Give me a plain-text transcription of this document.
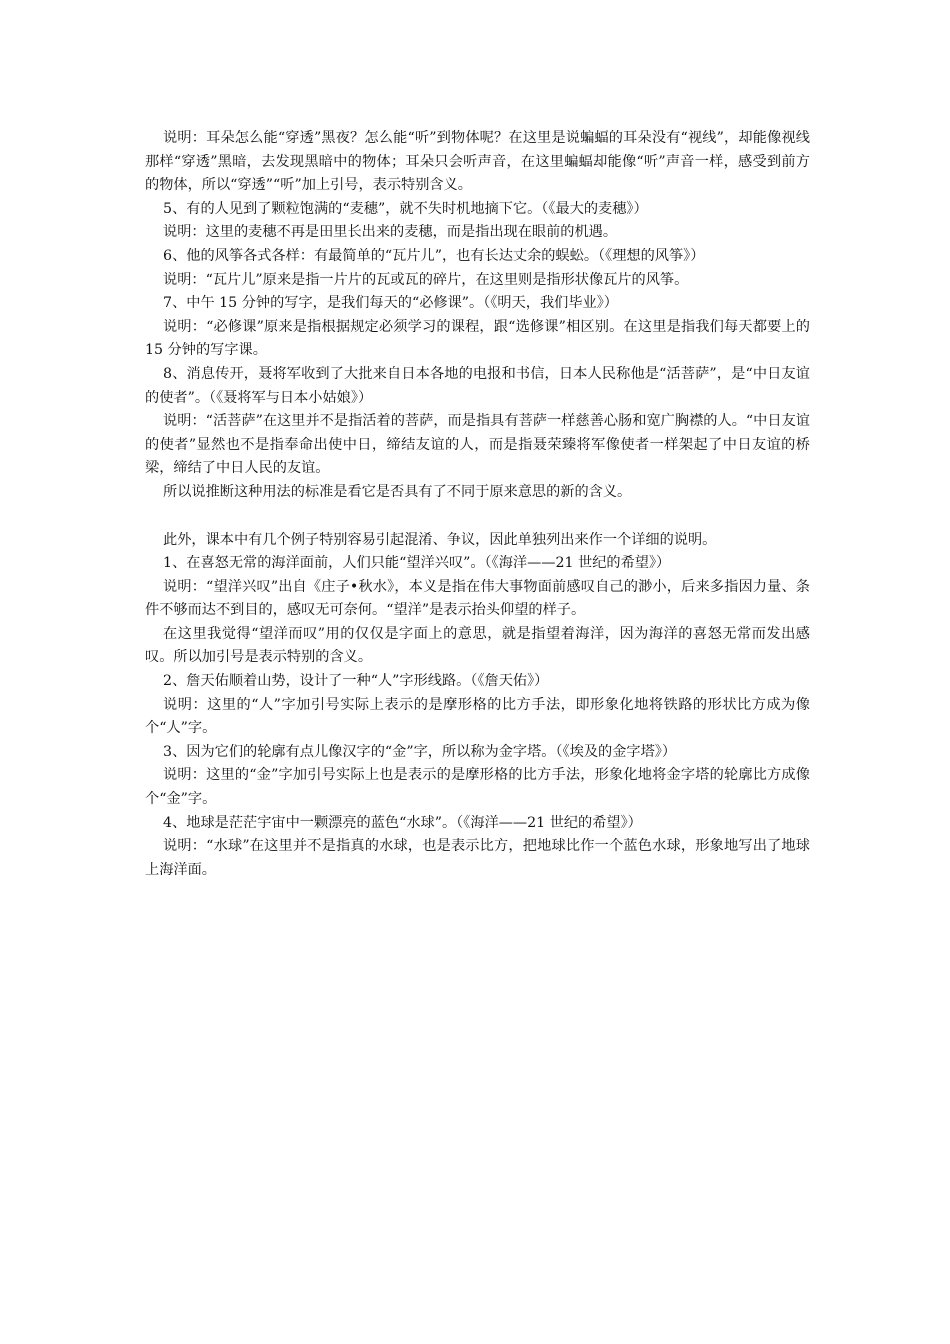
说明：耳朵怎么能“穿透”黑夜？怎么能“听”到物体呢？在这里是说蝙蝠的耳朵没有“视线”，却能像视线那样“穿透”黑暗，去发现黑暗中的物体；耳朵只会听声音，在这里蝙蝠却能像“听”声音一样，感受到前方的物体，所以“穿透”“听”加上引号，表示特别含义。

5、有的人见到了颗粒饱满的“麦穗”，就不失时机地摘下它。（《最大的麦穗》）

说明：这里的麦穗不再是田里长出来的麦穗，而是指出现在眼前的机遇。

6、他的风筝各式各样：有最简单的“瓦片儿”，也有长达丈余的蜈蚣。（《理想的风筝》）

说明：“瓦片儿”原来是指一片片的瓦或瓦的碎片，在这里则是指形状像瓦片的风筝。

7、中午 15 分钟的写字，是我们每天的“必修课”。（《明天，我们毕业》）

说明：“必修课”原来是指根据规定必须学习的课程，跟“选修课”相区别。在这里是指我们每天都要上的 15 分钟的写字课。

8、消息传开，聂将军收到了大批来自日本各地的电报和书信，日本人民称他是“活菩萨”，是“中日友谊的使者”。（《聂将军与日本小姑娘》）

说明：“活菩萨”在这里并不是指活着的菩萨，而是指具有菩萨一样慈善心肠和宽广胸襟的人。“中日友谊的使者”显然也不是指奉命出使中日，缔结友谊的人，而是指聂荣臻将军像使者一样架起了中日友谊的桥梁，缔结了中日人民的友谊。

所以说推断这种用法的标准是看它是否具有了不同于原来意思的新的含义。

此外，课本中有几个例子特别容易引起混淆、争议，因此单独列出来作一个详细的说明。

1、在喜怒无常的海洋面前，人们只能“望洋兴叹”。（《海洋——21 世纪的希望》）

说明：“望洋兴叹”出自《庄子•秋水》，本义是指在伟大事物面前感叹自己的渺小，后来多指因力量、条件不够而达不到目的，感叹无可奈何。“望洋”是表示抬头仰望的样子。

在这里我觉得“望洋而叹”用的仅仅是字面上的意思，就是指望着海洋，因为海洋的喜怒无常而发出感叹。所以加引号是表示特别的含义。

2、詹天佑顺着山势，设计了一种“人”字形线路。（《詹天佑》）

说明：这里的“人”字加引号实际上表示的是摩形格的比方手法，即形象化地将铁路的形状比方成为像个“人”字。

3、因为它们的轮廓有点儿像汉字的“金”字，所以称为金字塔。（《埃及的金字塔》）

说明：这里的“金”字加引号实际上也是表示的是摩形格的比方手法，形象化地将金字塔的轮廓比方成像个“金”字。

4、地球是茫茫宇宙中一颗漂亮的蓝色“水球”。（《海洋——21 世纪的希望》）

说明：“水球”在这里并不是指真的水球，也是表示比方，把地球比作一个蓝色水球，形象地写出了地球上海洋面。
